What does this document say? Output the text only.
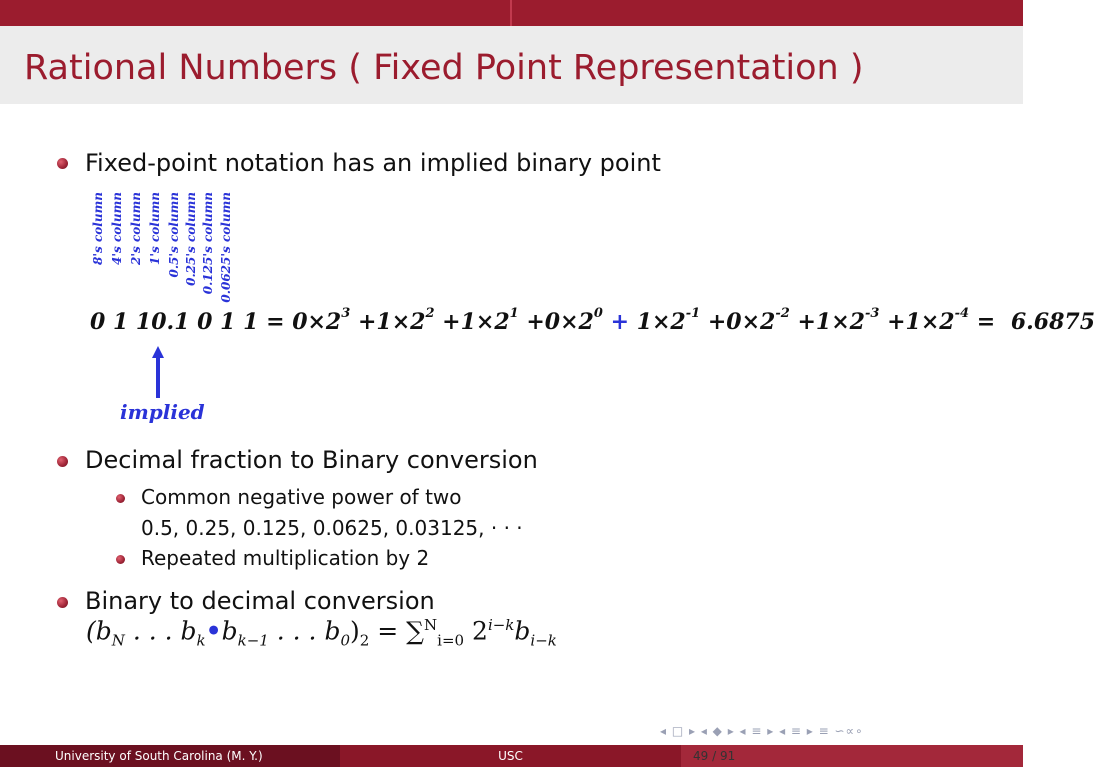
Rational Numbers ( Fixed Point Representation )
Fixed-point notation has an implied binary point
8's column 4's column 2's column 1's column 0.5's column 0.25's column 0.125's column 0.0625's column
0 1 10.1 0 1 $1 = 0\times 2^3 +1\times 2^2 +1\times 2^1 +0\times 2^0 + 1\times 2^{-1} +0\times 2^{-2} +1\times 2^{-3} +1\times 2^{-4} = 6.6875$
implied
Decimal fraction to Binary conversion
Common negative power of two
0.5, 0.25, 0.125, 0.0625, 0.03125, · · ·
Repeated multiplication by 2
Binary to decimal conversion
($b_N$ . . . $b_k•b_{k-1}$ . . . $b_0)_2 = \sum^N_{i=0}$ $2^{i-k}b_{i-k}$
◂ □ ▸ ◂ ◆ ▸ ◂ ≡ ▸ ◂ ≡ ▸ ≡ ∽∝∘
University of South Carolina (M. Y.)	USC	49 / 91
